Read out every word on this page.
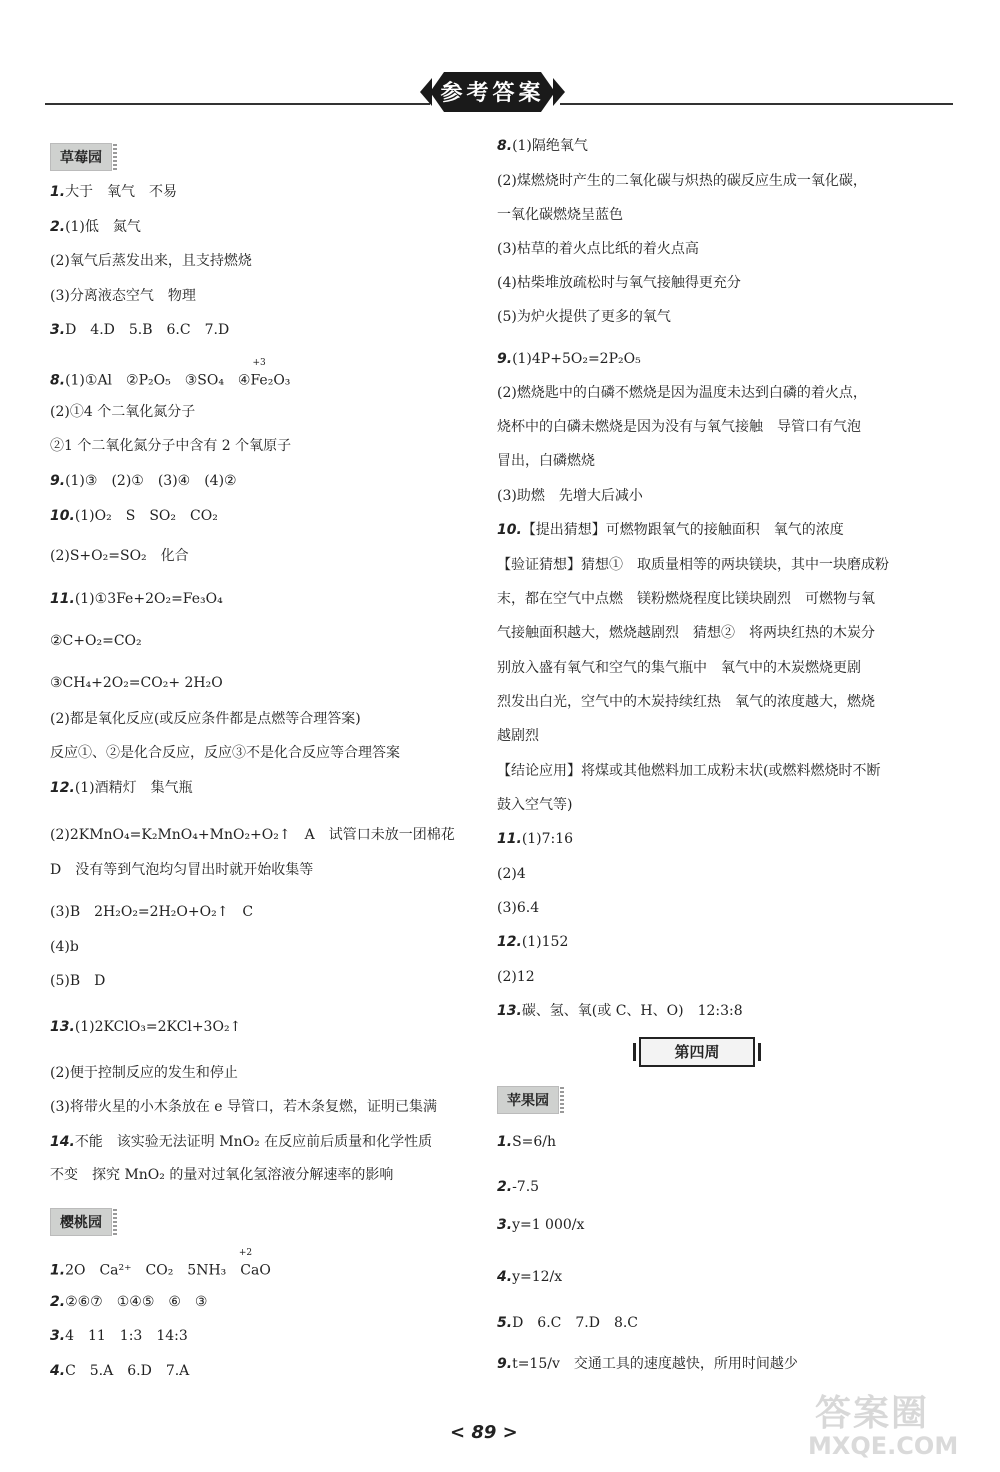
参考答案
草莓园
樱桃园
第四周
苹果园
1.大于　氧气　不易
2.(1)低　氮气
(2)氧气后蒸发出来，且支持燃烧
(3)分离液态空气　物理
3.D　4.D　5.B　6.C　7.D
8.(1)①Al　②P₂O₅　③SO₄　④Fe₂O₃$^{+3}$
(2)①4 个二氧化氮分子
②1 个二氧化氮分子中含有 2 个氧原子
9.(1)③　(2)①　(3)④　(4)②
10.(1)O₂　S　SO₂　CO₂
(2)S+O₂=SO₂　化合
11.(1)①3Fe+2O₂=Fe₃O₄
②C+O₂=CO₂
③CH₄+2O₂=CO₂+ 2H₂O
(2)都是氧化反应(或反应条件都是点燃等合理答案)
反应①、②是化合反应，反应③不是化合反应等合理答案
12.(1)酒精灯　集气瓶
(2)2KMnO₄=K₂MnO₄+MnO₂+O₂↑　A　试管口未放一团棉花
D　没有等到气泡均匀冒出时就开始收集等
(3)B　2H₂O₂=2H₂O+O₂↑　C
(4)b
(5)B　D
13.(1)2KClO₃=2KCl+3O₂↑
(2)便于控制反应的发生和停止
(3)将带火星的小木条放在 e 导管口，若木条复燃，证明已集满
14.不能　该实验无法证明 MnO₂ 在反应前后质量和化学性质
不变　探究 MnO₂ 的量对过氧化氢溶液分解速率的影响
1.2O　Ca²⁺　CO₂　5NH₃　CaO$^{+2}$
2.②⑥⑦　①④⑤　⑥　③
3.4　11　1:3　14:3
4.C　5.A　6.D　7.A
8.(1)隔绝氧气
(2)煤燃烧时产生的二氧化碳与炽热的碳反应生成一氧化碳，
一氧化碳燃烧呈蓝色
(3)枯草的着火点比纸的着火点高
(4)枯柴堆放疏松时与氧气接触得更充分
(5)为炉火提供了更多的氧气
9.(1)4P+5O₂=2P₂O₅
(2)燃烧匙中的白磷不燃烧是因为温度未达到白磷的着火点，
烧杯中的白磷未燃烧是因为没有与氧气接触　导管口有气泡
冒出，白磷燃烧
(3)助燃　先增大后减小
10.【提出猜想】可燃物跟氧气的接触面积　氧气的浓度
【验证猜想】猜想①　取质量相等的两块镁块，其中一块磨成粉
末，都在空气中点燃　镁粉燃烧程度比镁块剧烈　可燃物与氧
气接触面积越大，燃烧越剧烈　猜想②　将两块红热的木炭分
别放入盛有氧气和空气的集气瓶中　氧气中的木炭燃烧更剧
烈发出白光，空气中的木炭持续红热　氧气的浓度越大，燃烧
越剧烈
【结论应用】将煤或其他燃料加工成粉末状(或燃料燃烧时不断
鼓入空气等)
11.(1)7:16
(2)4
(3)6.4
12.(1)152
(2)12
13.碳、氢、氧(或 C、H、O)　12:3:8
1.S=6/h
2.-7.5
3.y=1 000/x
4.y=12/x
5.D　6.C　7.D　8.C
9.t=15/v　交通工具的速度越快，所用时间越少
< 89 >	答案圈
MXQE.COM
